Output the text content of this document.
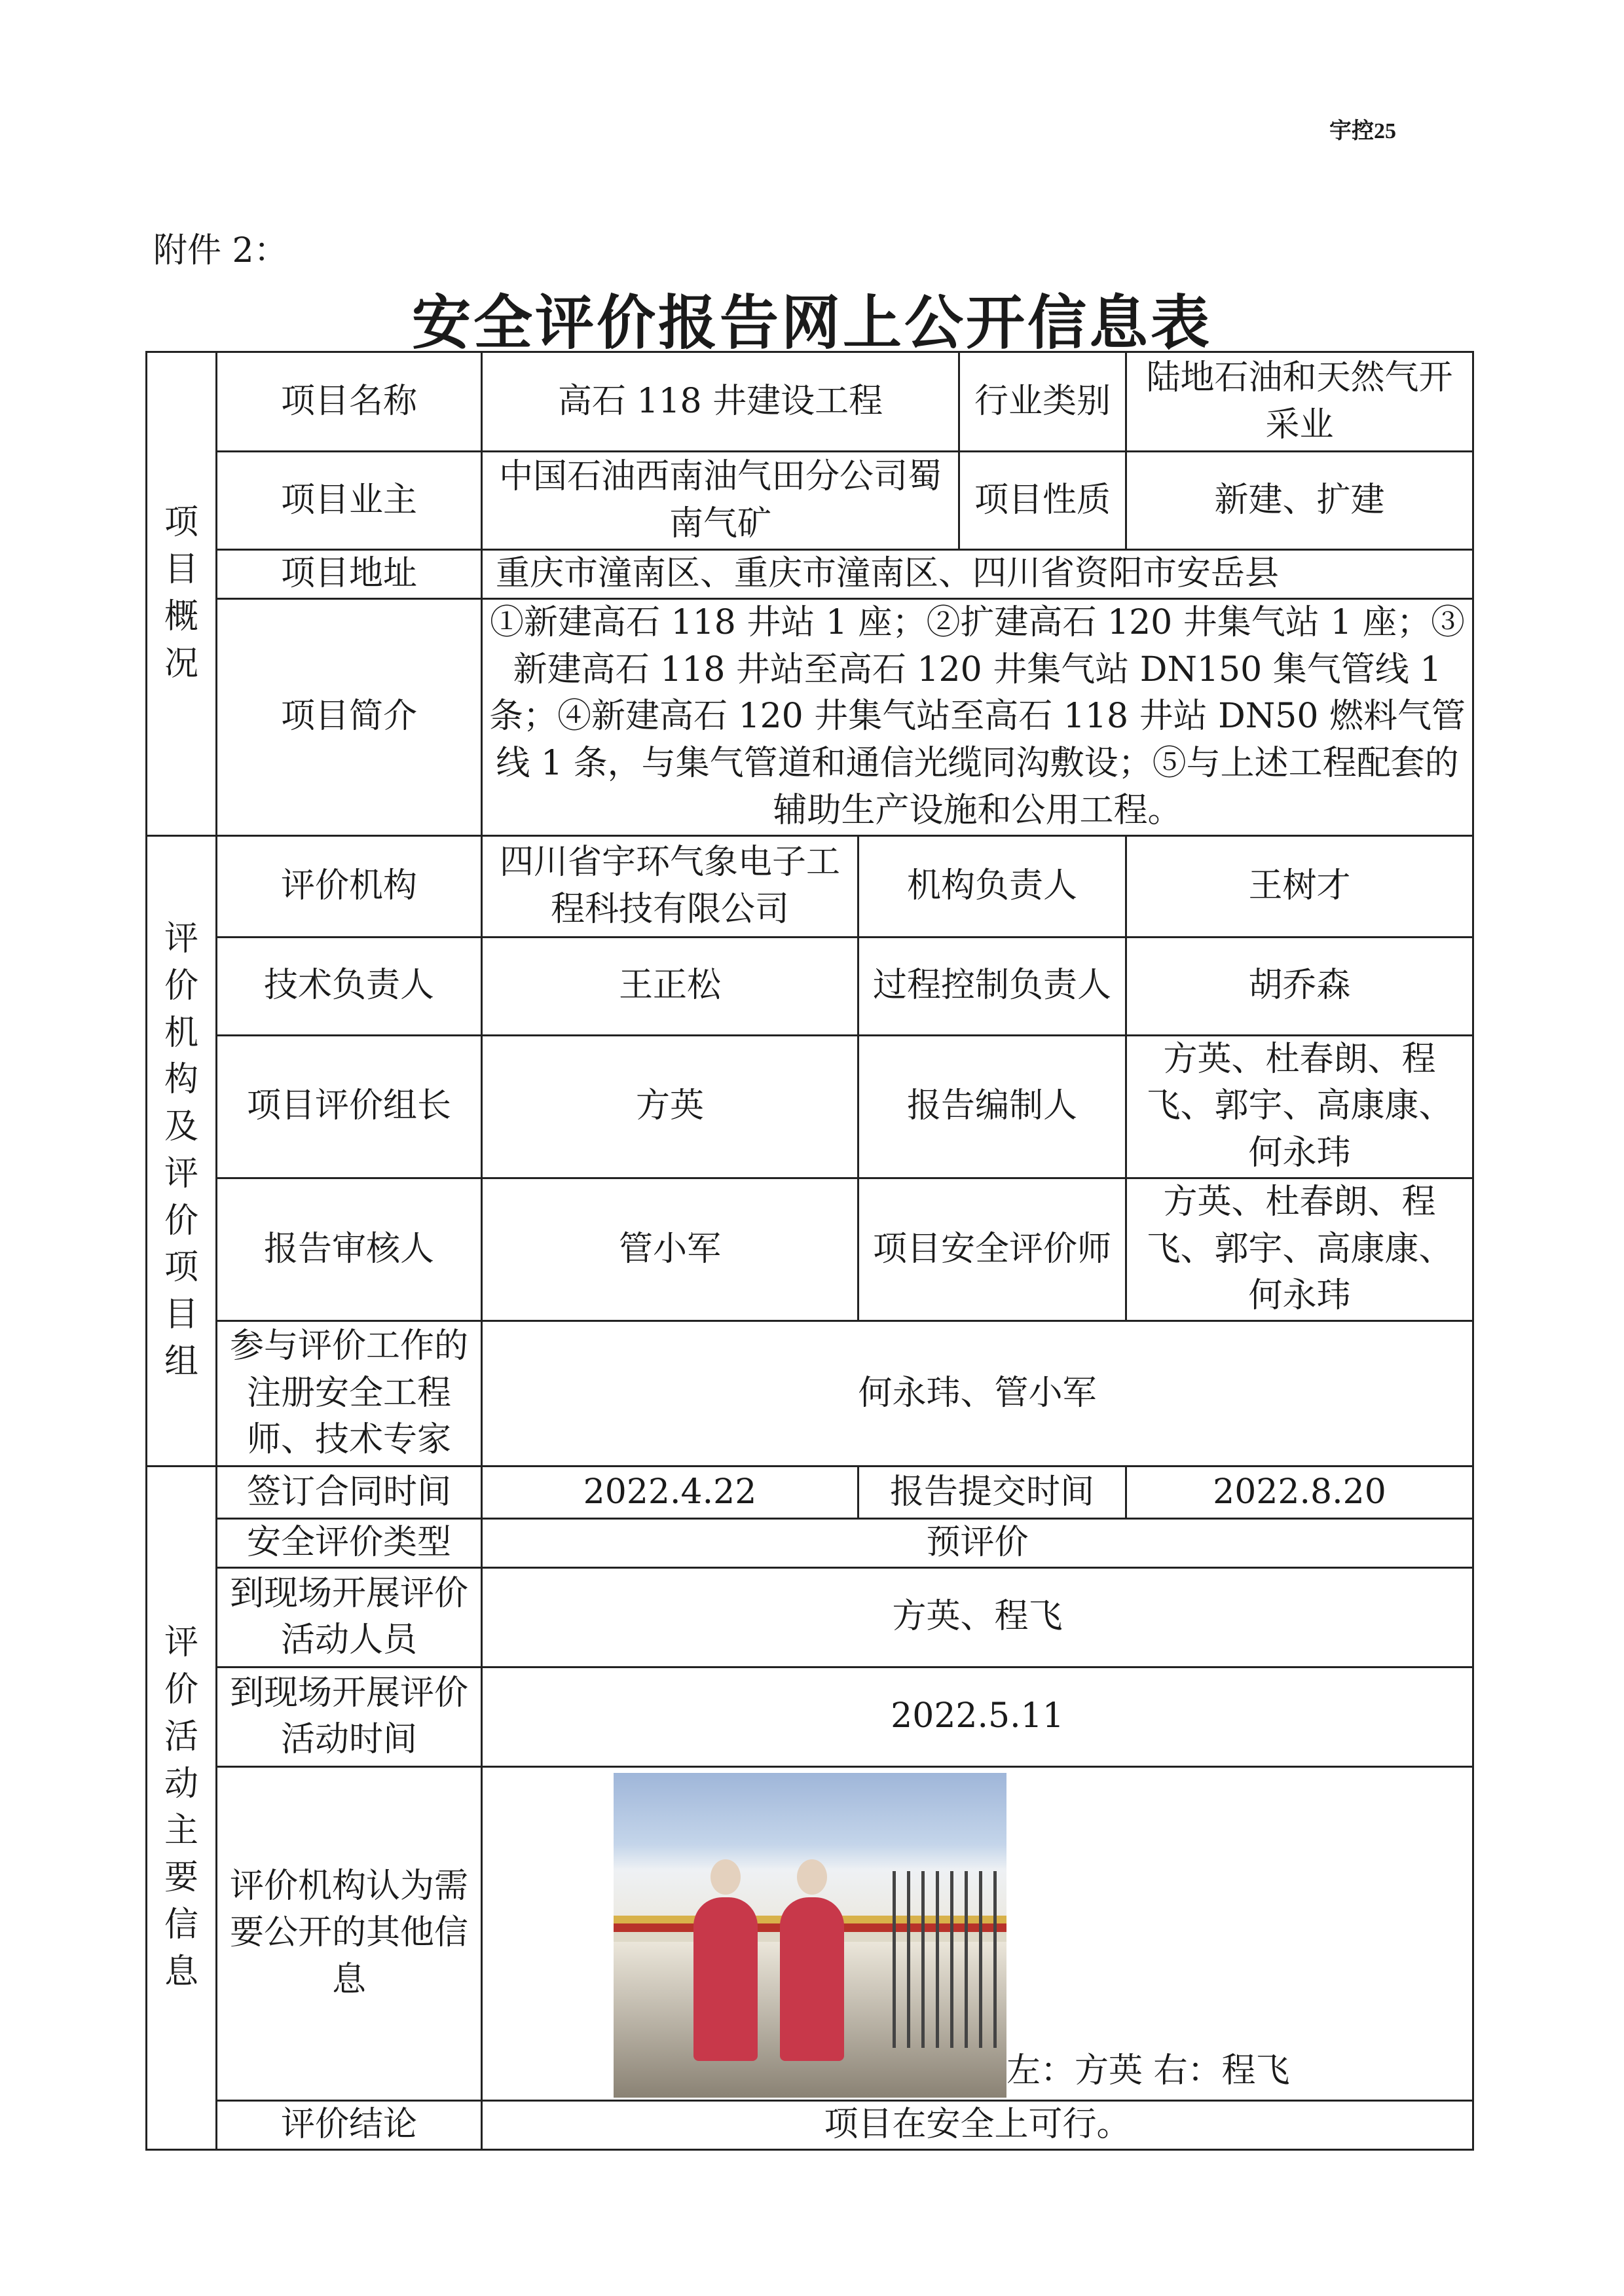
宇控25
附件 2：
安全评价报告网上公开信息表
项目概况	项目名称	高石 118 井建设工程		行业类别	陆地石油和天然气开采业
	项目业主	中国石油西南油气田分公司蜀南气矿		项目性质	新建、扩建
	项目地址	重庆市潼南区、重庆市潼南区、四川省资阳市安岳县			
	项目简介	①新建高石 118 井站 1 座；②扩建高石 120 井集气站 1 座；③新建高石 118 井站至高石 120 井集气站 DN150 集气管线 1 条；④新建高石 120 井集气站至高石 118 井站 DN50 燃料气管线 1 条，与集气管道和通信光缆同沟敷设；⑤与上述工程配套的辅助生产设施和公用工程。			

评价机构及评价项目组	评价机构	四川省宇环气象电子工程科技有限公司	机构负责人		王树才
	技术负责人	王正松	过程控制负责人		胡乔森
	项目评价组长	方英	报告编制人		方英、杜春朗、程飞、郭宇、高康康、何永玮
	报告审核人	管小军	项目安全评价师		方英、杜春朗、程飞、郭宇、高康康、何永玮
	参与评价工作的注册安全工程师、技术专家	何永玮、管小军			

评价活动主要信息	签订合同时间	2022.4.22	报告提交时间		2022.8.20
	安全评价类型	预评价			
	到现场开展评价活动人员	方英、程飞			
	到现场开展评价活动时间	2022.5.11			
	评价机构认为需要公开的其他信息	左：方英 右：程飞			

	评价结论	项目在安全上可行。			
